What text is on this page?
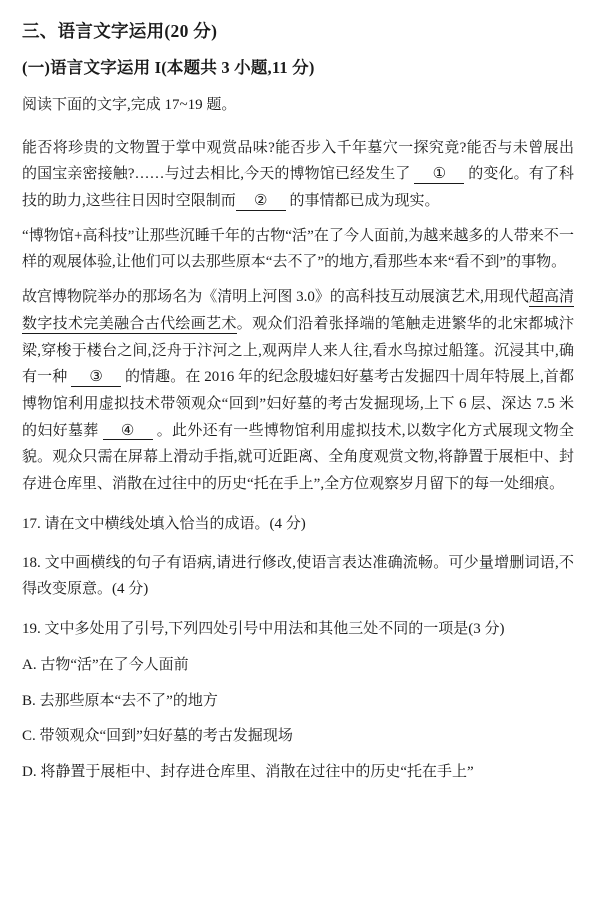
三、语言文字运用(20 分)
(一)语言文字运用 I(本题共 3 小题,11 分)
阅读下面的文字,完成 17~19 题。
能否将珍贵的文物置于掌中观赏品味?能否步入千年墓穴一探究竟?能否与未曾展出的国宝亲密接触?……与过去相比,今天的博物馆已经发生了 ① 的变化。有了科技的助力,这些往日因时空限制而 ② 的事情都已成为现实。
“博物馆+高科技”让那些沉睡千年的古物“活”在了今人面前,为越来越多的人带来不一样的观展体验,让他们可以去那些原本“去不了”的地方,看那些本来“看不到”的事物。
故宫博物院举办的那场名为《清明上河图 3.0》的高科技互动展演艺术,用现代超高清数字技术完美融合古代绘画艺术。观众们沿着张择端的笔触走进繁华的北宋都城汴梁,穿梭于楼台之间,泛舟于汴河之上,观两岸人来人往,看水鸟掠过船篷。沉浸其中,确有一种 ③ 的情趣。在 2016 年的纪念殷墟妇好墓考古发掘四十周年特展上,首都博物馆利用虚拟技术带领观众“回到”妇好墓的考古发掘现场,上下 6 层、深达 7.5 米的妇好墓葬 ④ 。此外还有一些博物馆利用虚拟技术,以数字化方式展现文物全貌。观众只需在屏幕上滑动手指,就可近距离、全角度观赏文物,将静置于展柜中、封存进仓库里、消散在过往中的历史“托在手上”,全方位观察岁月留下的每一处细痕。
17. 请在文中横线处填入恰当的成语。(4 分)
18. 文中画横线的句子有语病,请进行修改,使语言表达准确流畅。可少量增删词语,不得改变原意。(4 分)
19. 文中多处用了引号,下列四处引号中用法和其他三处不同的一项是(3 分)
A. 古物“活”在了今人面前
B. 去那些原本“去不了”的地方
C. 带领观众“回到”妇好墓的考古发掘现场
D. 将静置于展柜中、封存进仓库里、消散在过往中的历史“托在手上”
